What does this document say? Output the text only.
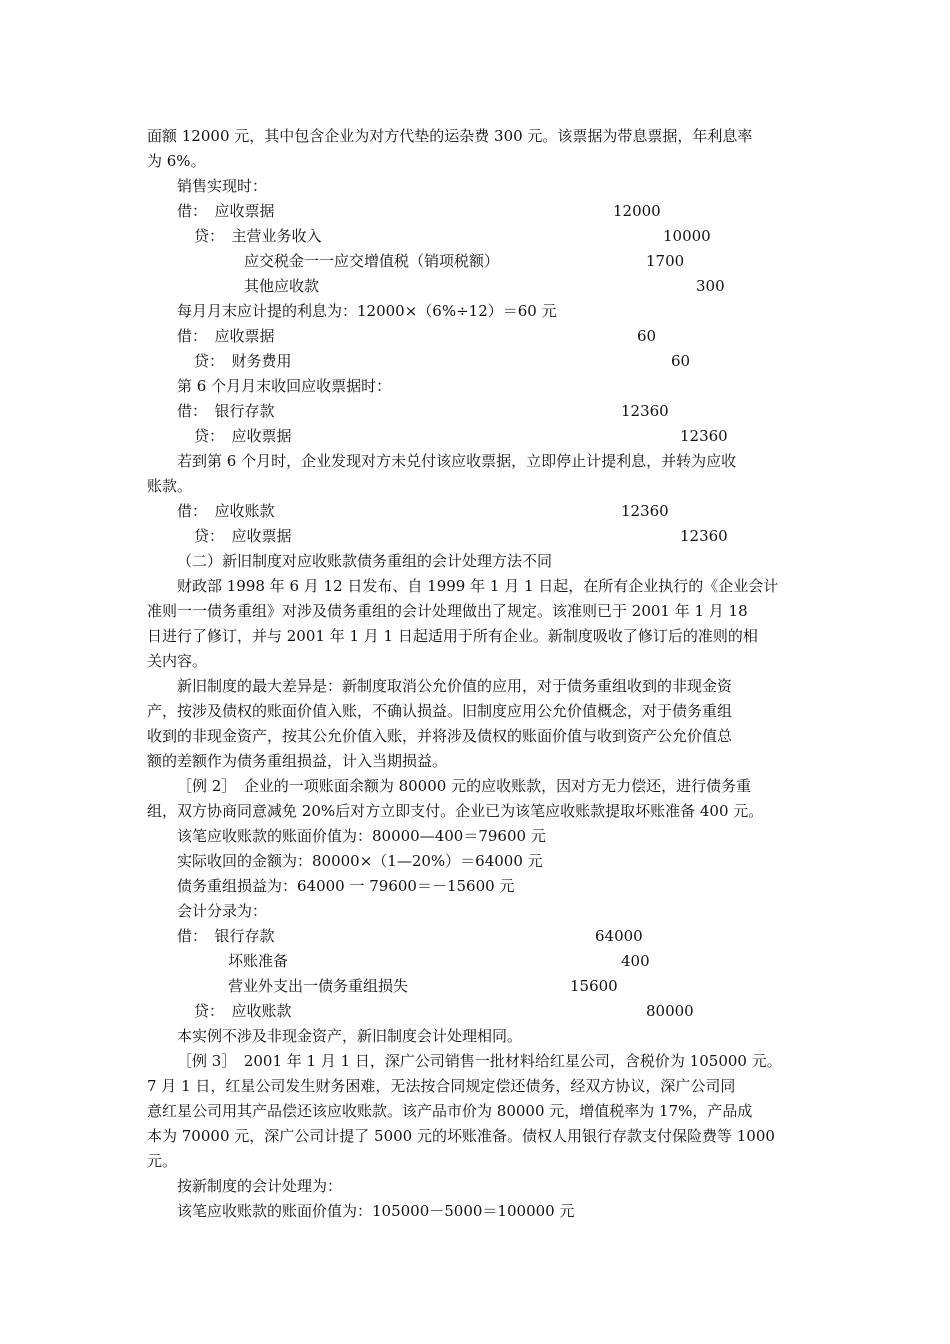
面额 12000 元，其中包含企业为对方代垫的运杂费 300 元。该票据为带息票据，年利息率
为 6%。
销售实现时：
借：　应收票据
贷：　主营业务收入
应交税金一一应交增值税（销项税额）
其他应收款
每月月末应计提的利息为：12000×（6%÷12）＝60 元
借：　应收票据
贷：　财务费用
第 6 个月月末收回应收票据时：
借：　银行存款
贷：　应收票据
若到第 6 个月时，企业发现对方未兑付该应收票据，立即停止计提利息，并转为应收
账款。
借：　应收账款
贷：　应收票据
（二）新旧制度对应收账款债务重组的会计处理方法不同
财政部 1998 年 6 月 12 日发布、自 1999 年 1 月 1 日起，在所有企业执行的《企业会计
准则一一债务重组》对涉及债务重组的会计处理做出了规定。该准则已于 2001 年 1 月 18
日进行了修订，并与 2001 年 1 月 1 日起适用于所有企业。新制度吸收了修订后的准则的相
关内容。
新旧制度的最大差异是：新制度取消公允价值的应用，对于债务重组收到的非现金资
产，按涉及债权的账面价值入账，不确认损益。旧制度应用公允价值概念，对于债务重组
收到的非现金资产，按其公允价值入账，并将涉及债权的账面价值与收到资产公允价值总
额的差额作为债务重组损益，计入当期损益。
［例 2］　企业的一项账面余额为 80000 元的应收账款，因对方无力偿还，进行债务重
组，双方协商同意减免 20%后对方立即支付。企业已为该笔应收账款提取坏账准备 400 元。
该笔应收账款的账面价值为：80000—400＝79600 元
实际收回的金额为：80000×（1—20%）＝64000 元
债务重组损益为：64000 一 79600＝－15600 元
会计分录为：
借：　银行存款
坏账准备
营业外支出一债务重组损失
贷：　应收账款
本实例不涉及非现金资产，新旧制度会计处理相同。
［例 3］　2001 年 1 月 1 日，深广公司销售一批材料给红星公司，含税价为 105000 元。
7 月 1 日，红星公司发生财务困难，无法按合同规定偿还债务，经双方协议，深广公司同
意红星公司用其产品偿还该应收账款。该产品市价为 80000 元，增值税率为 17%，产品成
本为 70000 元，深广公司计提了 5000 元的坏账准备。债权人用银行存款支付保险费等 1000
元。
按新制度的会计处理为：
该笔应收账款的账面价值为：105000－5000＝100000 元
12000
10000
1700
300
60
60
12360
12360
12360
12360
64000
400
15600
80000
